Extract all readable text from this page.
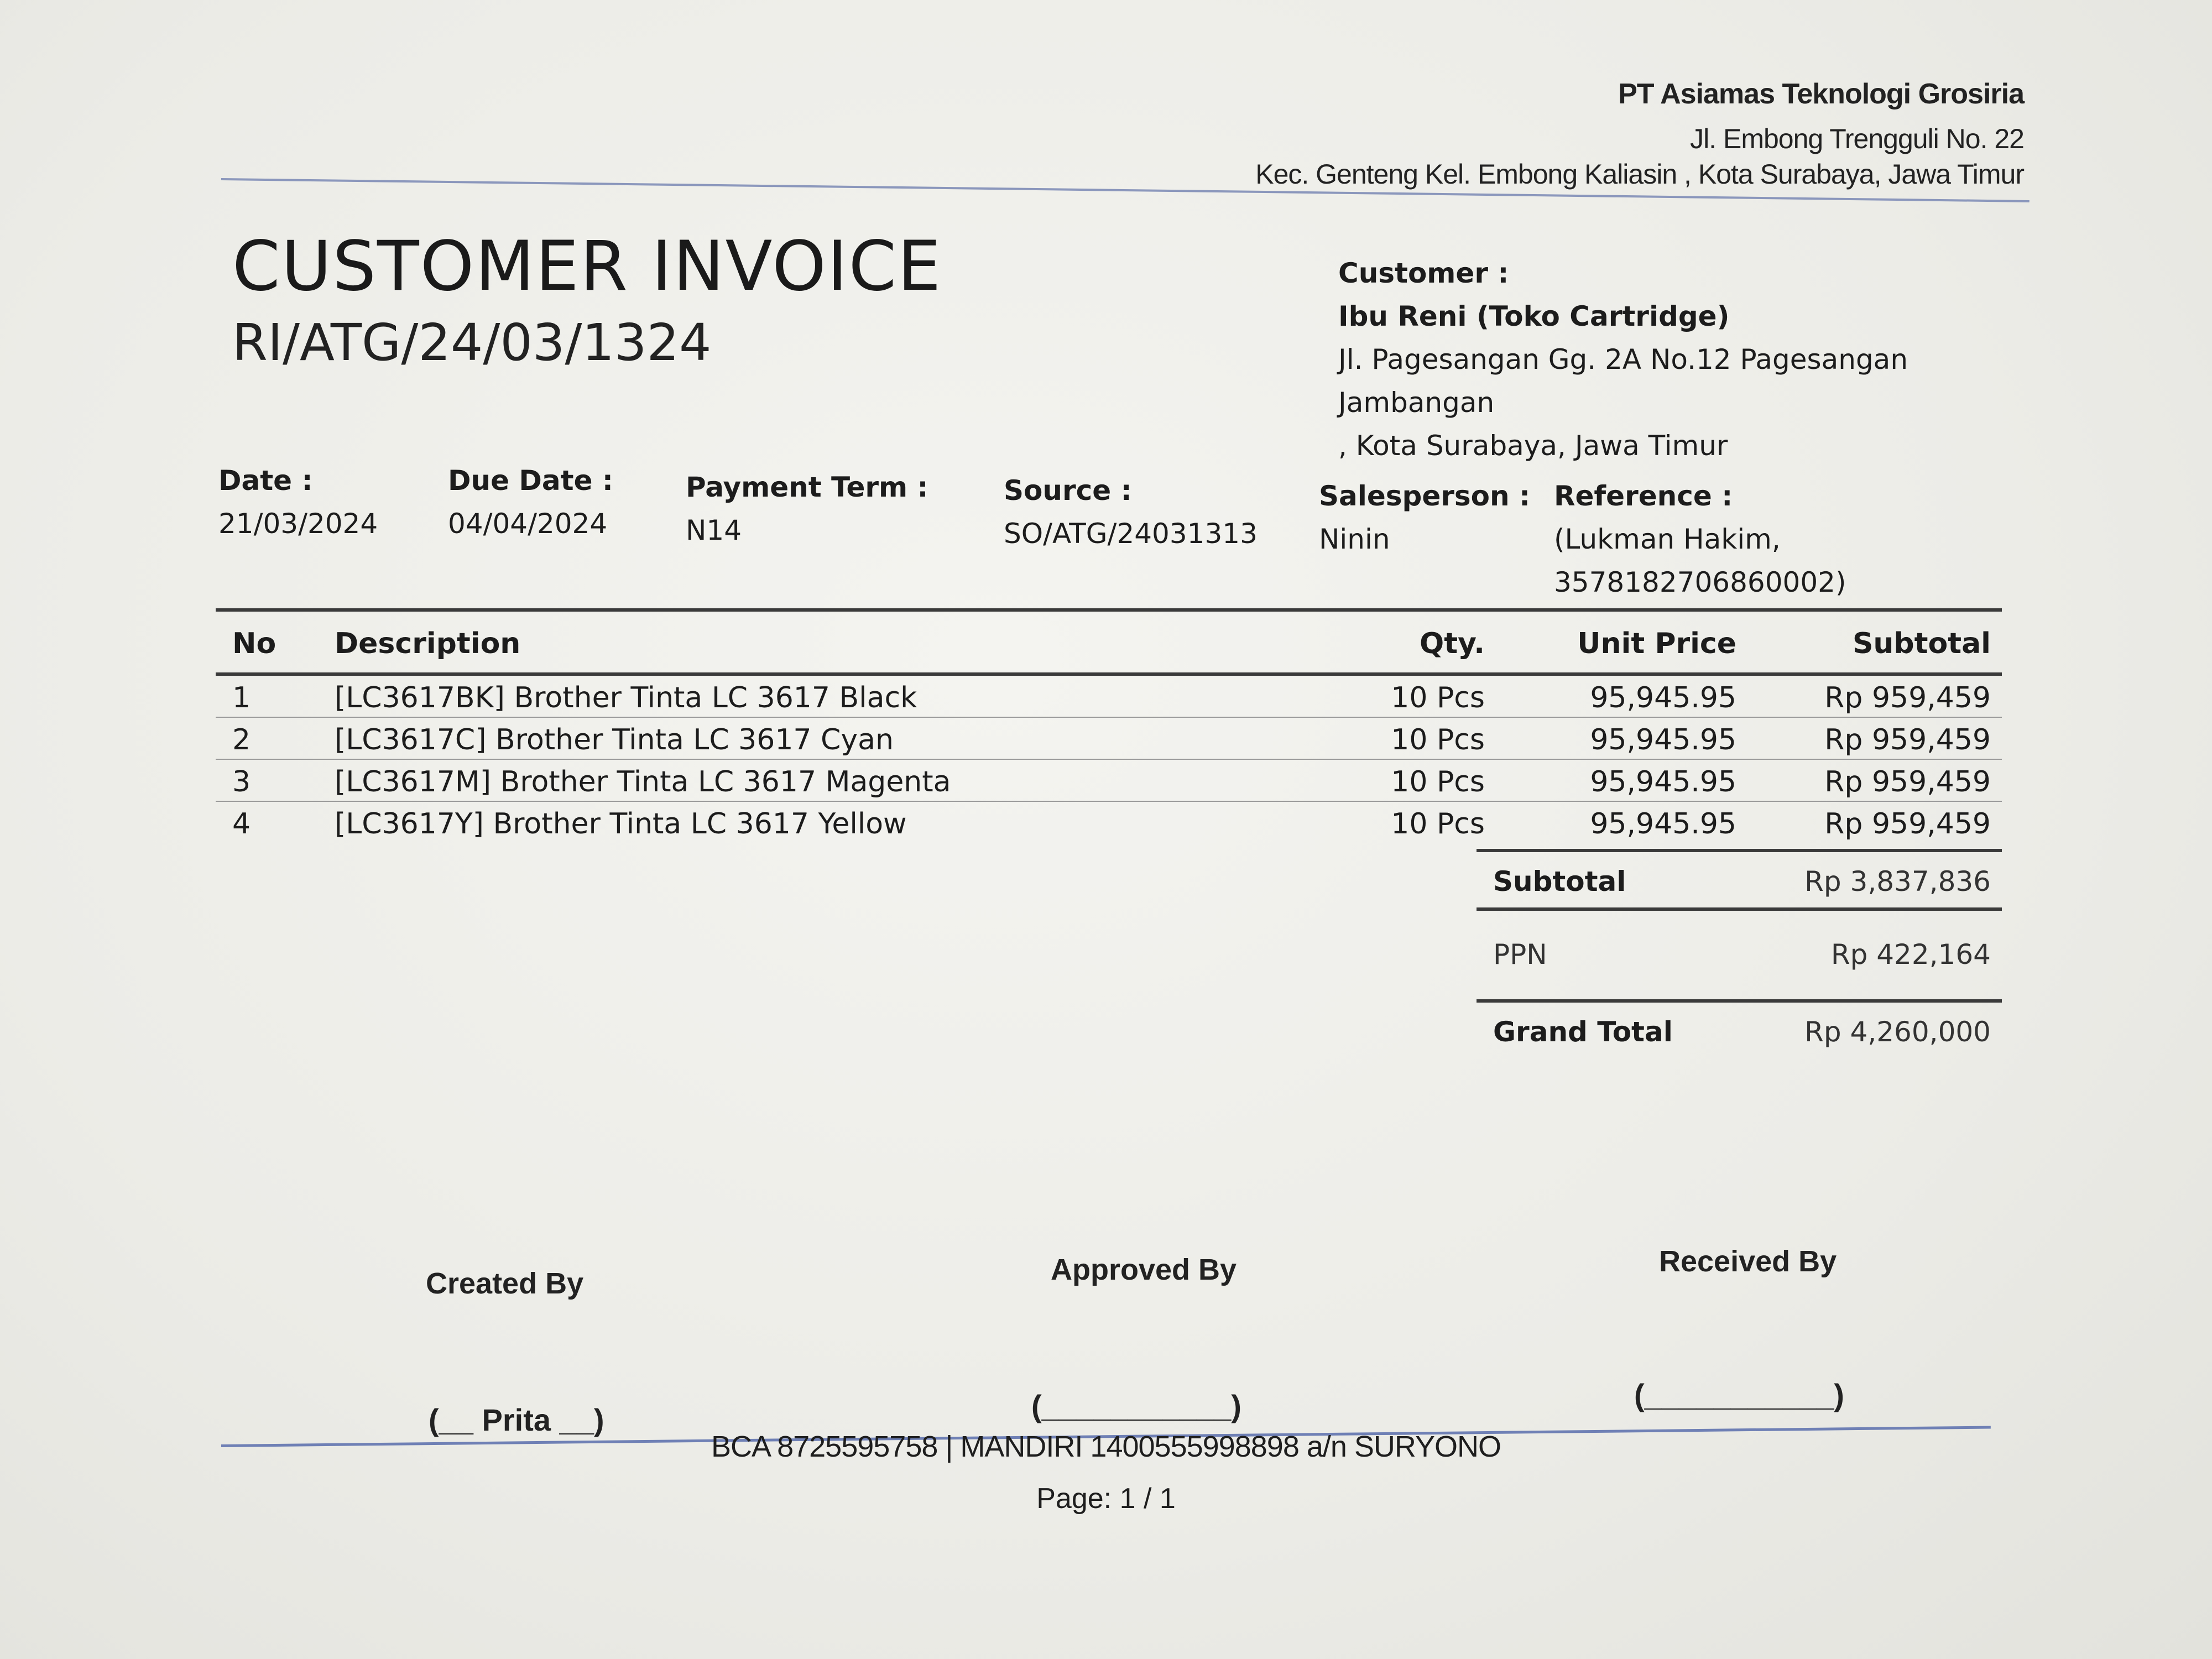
PT Asiamas Teknologi Grosiria
Jl. Embong Trengguli No. 22
Kec. Genteng Kel. Embong Kaliasin , Kota Surabaya, Jawa Timur
CUSTOMER INVOICE
RI/ATG/24/03/1324
Customer :
Ibu Reni (Toko Cartridge)
Jl. Pagesangan Gg. 2A No.12 Pagesangan
Jambangan
, Kota Surabaya, Jawa Timur
Date :
21/03/2024
Due Date :
04/04/2024
Payment Term :
N14
Source :
SO/ATG/24031313
Salesperson :
Ninin
Reference :
(Lukman Hakim,
3578182706860002)
No Description	Qty.	Unit Price	Subtotal
1	[LC3617BK] Brother Tinta LC 3617 Black	10 Pcs	95,945.95	Rp 959,459
2	[LC3617C] Brother Tinta LC 3617 Cyan	10 Pcs	95,945.95	Rp 959,459
3	[LC3617M] Brother Tinta LC 3617 Magenta	10 Pcs	95,945.95	Rp 959,459
4	[LC3617Y] Brother Tinta LC 3617 Yellow	10 Pcs	95,945.95	Rp 959,459
Subtotal	Rp 3,837,836
PPN	Rp 422,164
Grand Total	Rp 4,260,000
Created By	Approved By	Received By
(__ Prita __)	(___________)	(___________)
BCA 8725595758 | MANDIRI 1400555998898 a/n SURYONO
Page: 1 / 1
